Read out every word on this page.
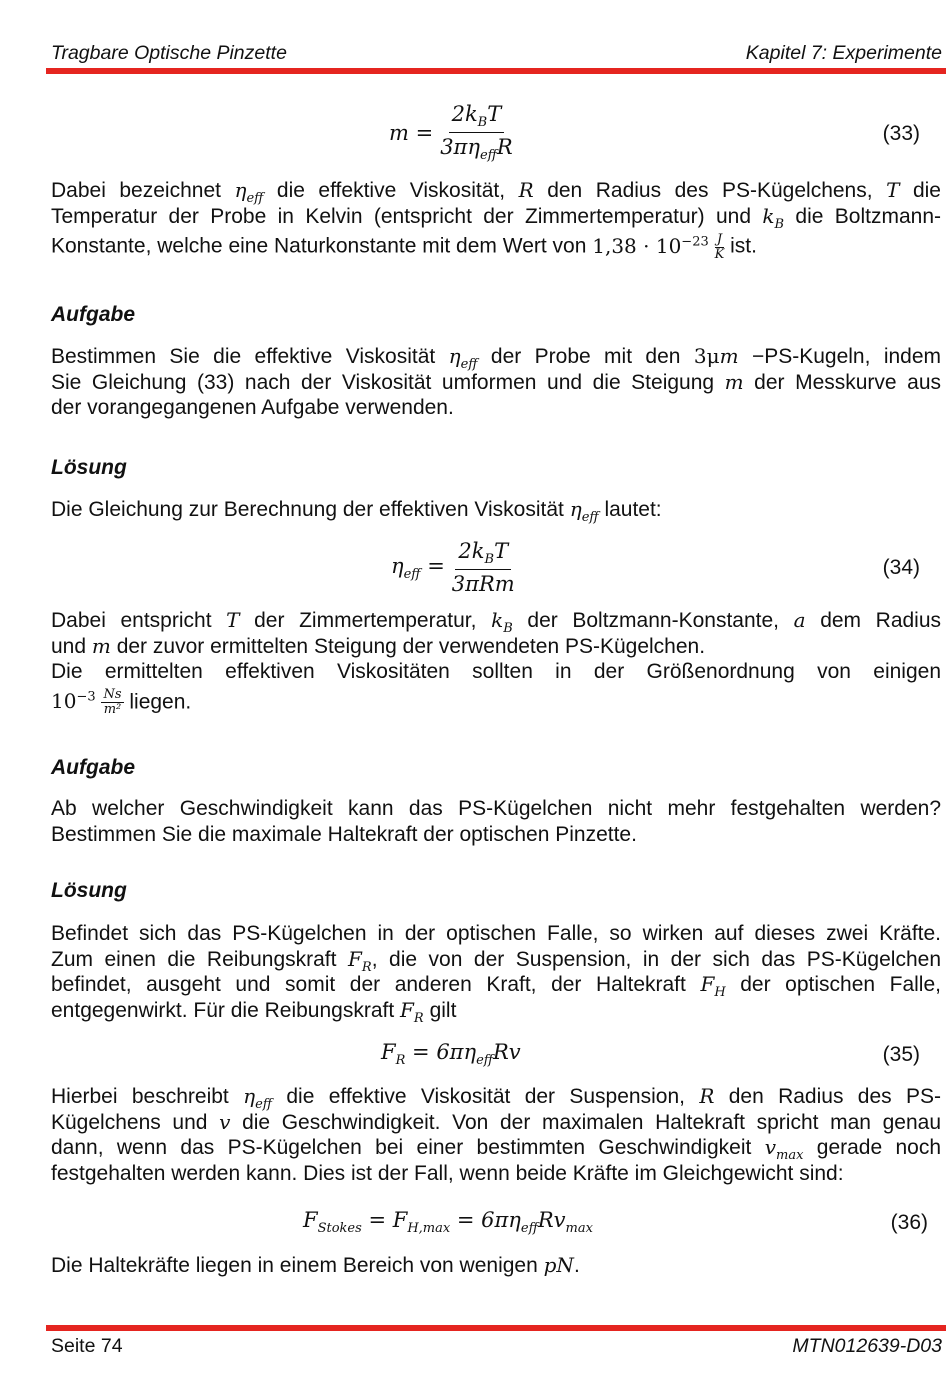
Tragbare Optische Pinzette	Kapitel 7: Experimente
$m = \frac{2k_BT}{3\pi\eta_{eff}R}$	(33)
Dabei bezeichnet $\eta_{eff}$ die effektive Viskosität, R den Radius des PS-Kügelchens, T die
Temperatur der Probe in Kelvin (entspricht der Zimmertemperatur) und $k_B$ die Boltzmann-
Konstante, welche eine Naturkonstante mit dem Wert von $1,38 \cdot 10^{-23} \frac{J}{K}$ ist.
Aufgabe
Bestimmen Sie die effektive Viskosität $\eta_{eff}$ der Probe mit den 3μm −PS-Kugeln, indem
Sie Gleichung (33) nach der Viskosität umformen und die Steigung m der Messkurve aus
der vorangegangenen Aufgabe verwenden.
Lösung
Die Gleichung zur Berechnung der effektiven Viskosität $\eta_{eff}$ lautet:
$\eta_{eff} = \frac{2k_BT}{\text{3πRm}}$	(34)
Dabei entspricht T der Zimmertemperatur, $k_B$ der Boltzmann-Konstante, a dem Radius
und m der zuvor ermittelten Steigung der verwendeten PS-Kügelchen.
Die ermittelten effektiven Viskositäten sollten in der Größenordnung von einigen
$10^{-3} \frac{Ns}{\text{m²}}$ liegen.
Aufgabe
Ab welcher Geschwindigkeit kann das PS-Kügelchen nicht mehr festgehalten werden?
Bestimmen Sie die maximale Haltekraft der optischen Pinzette.
Lösung
Befindet sich das PS-Kügelchen in der optischen Falle, so wirken auf dieses zwei Kräfte.
Zum einen die Reibungskraft $F_R$, die von der Suspension, in der sich das PS-Kügelchen
befindet, ausgeht und somit der anderen Kraft, der Haltekraft $F_H$ der optischen Falle,
entgegenwirkt. Für die Reibungskraft $F_R$ gilt
$F_R = 6\pi\eta_{eff}Rv$	(35)
Hierbei beschreibt $\eta_{eff}$ die effektive Viskosität der Suspension, R den Radius des PS-
Kügelchens und v die Geschwindigkeit. Von der maximalen Haltekraft spricht man genau
dann, wenn das PS-Kügelchen bei einer bestimmten Geschwindigkeit $v_{max}$ gerade noch
festgehalten werden kann. Dies ist der Fall, wenn beide Kräfte im Gleichgewicht sind:
$F_{Stokes} = F_{H,max} = 6\pi\eta_{eff}Rv_{max}$	(36)
Die Haltekräfte liegen in einem Bereich von wenigen pN.
Seite 74	MTN012639-D03
